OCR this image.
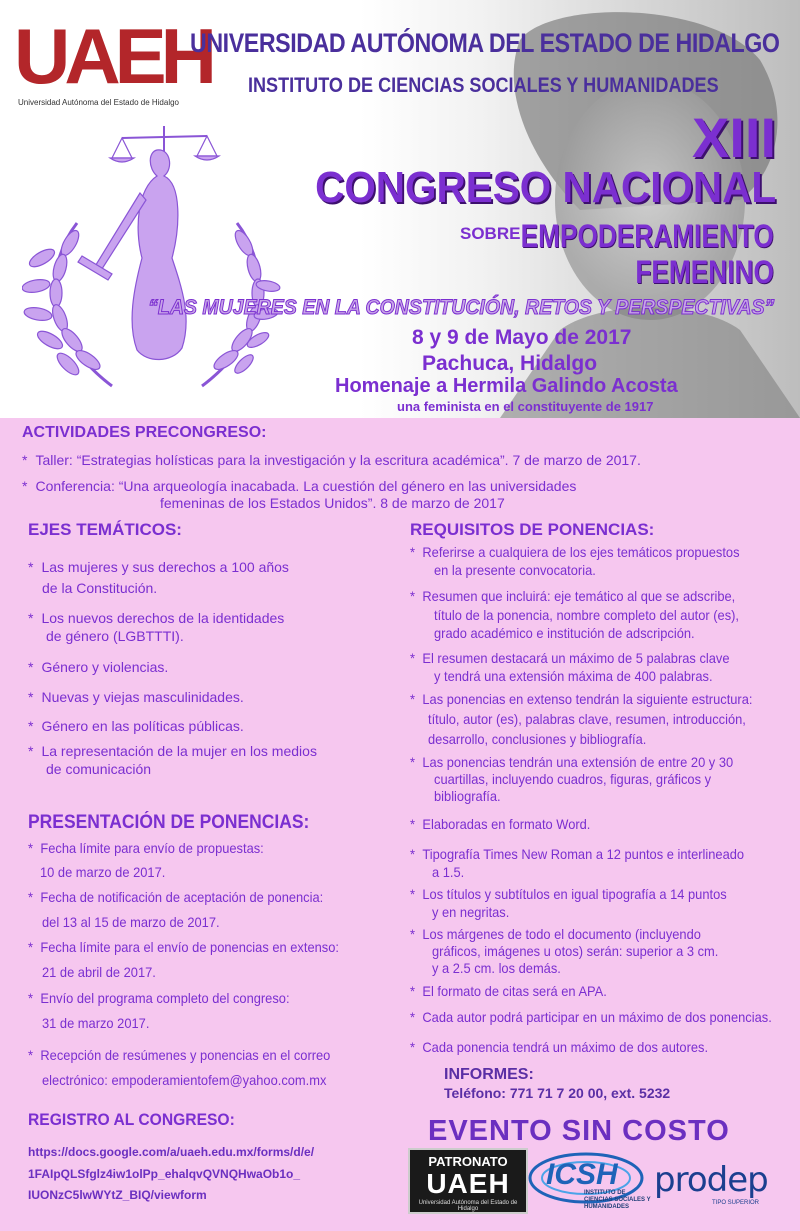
UAEH
Universidad Autónoma del Estado de Hidalgo
UNIVERSIDAD AUTÓNOMA DEL ESTADO DE HIDALGO
INSTITUTO DE CIENCIAS SOCIALES Y HUMANIDADES
XIII
CONGRESO NACIONAL
SOBRE EMPODERAMIENTO
FEMENINO
“LAS MUJERES EN LA CONSTITUCIÓN, RETOS Y PERSPECTIVAS”
8 y 9 de Mayo de 2017
Pachuca, Hidalgo
Homenaje a Hermila Galindo Acosta
una feminista en el constituyente de 1917
ACTIVIDADES PRECONGRESO:
* Taller: “Estrategias holísticas para la investigación y la escritura académica”. 7 de marzo de 2017.
* Conferencia: “Una arqueología inacabada. La cuestión del género en las universidades
femeninas de los Estados Unidos”. 8 de marzo de 2017
EJES TEMÁTICOS:
* Las mujeres y sus derechos a 100 años
de la Constitución.
* Los nuevos derechos de la identidades
de género (LGBTTTI).
* Género y violencias.
* Nuevas y viejas masculinidades.
* Género en las políticas públicas.
* La representación de la mujer en los medios
de comunicación
PRESENTACIÓN DE PONENCIAS:
* Fecha límite para envío de propuestas:
10 de marzo de 2017.
* Fecha de notificación de aceptación de ponencia:
del 13 al 15 de marzo de 2017.
* Fecha límite para el envío de ponencias en extenso:
21 de abril de 2017.
* Envío del programa completo del congreso:
31 de marzo 2017.
* Recepción de resúmenes y ponencias en el correo
electrónico: empoderamientofem@yahoo.com.mx
REGISTRO AL CONGRESO:
https://docs.google.com/a/uaeh.edu.mx/forms/d/e/
1FAIpQLSfglz4iw1olPp_ehalqvQVNQHwaOb1o_
IUONzC5lwWYtZ_BIQ/viewform
REQUISITOS DE PONENCIAS:
* Referirse a cualquiera de los ejes temáticos propuestos
en la presente convocatoria.
* Resumen que incluirá: eje temático al que se adscribe,
título de la ponencia, nombre completo del autor (es),
grado académico e institución de adscripción.
* El resumen destacará un máximo de 5 palabras clave
y tendrá una extensión máxima de 400 palabras.
* Las ponencias en extenso tendrán la siguiente estructura:
título, autor (es), palabras clave, resumen, introducción,
desarrollo, conclusiones y bibliografía.
* Las ponencias tendrán una extensión de entre 20 y 30
cuartillas, incluyendo cuadros, figuras, gráficos y
bibliografía.
* Elaboradas en formato Word.
* Tipografía Times New Roman a 12 puntos e interlineado
a 1.5.
* Los títulos y subtítulos en igual tipografía a 14 puntos
y en negritas.
* Los márgenes de todo el documento (incluyendo
gráficos, imágenes u otos) serán: superior a 3 cm.
y a 2.5 cm. los demás.
* El formato de citas será en APA.
* Cada autor podrá participar en un máximo de dos ponencias.
* Cada ponencia tendrá un máximo de dos autores.
INFORMES:
Teléfono: 771 71 7 20 00, ext. 5232
EVENTO SIN COSTO
PATRONATO
UAEH
Universidad Autónoma del Estado de Hidalgo
ICSH
INSTITUTO DE CIENCIAS SOCIALES Y HUMANIDADES
prodep
TIPO SUPERIOR
